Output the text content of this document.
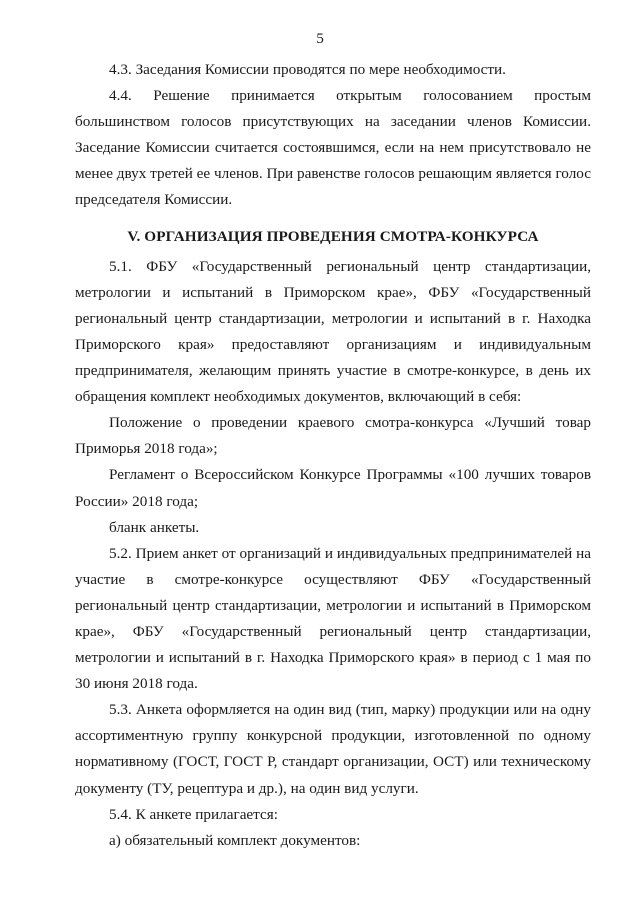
5

4.3. Заседания Комиссии проводятся по мере необходимости.

4.4. Решение принимается открытым голосованием простым большинством голосов присутствующих на заседании членов Комиссии. Заседание Комиссии считается состоявшимся, если на нем присутствовало не менее двух третей ее членов. При равенстве голосов решающим является голос председателя Комиссии.

V. ОРГАНИЗАЦИЯ ПРОВЕДЕНИЯ СМОТРА-КОНКУРСА

5.1. ФБУ «Государственный региональный центр стандартизации, метрологии и испытаний в Приморском крае», ФБУ «Государственный региональный центр стандартизации, метрологии и испытаний в г. Находка Приморского края» предоставляют организациям и индивидуальным предпринимателя, желающим принять участие в смотре-конкурсе, в день их обращения комплект необходимых документов, включающий в себя:

Положение о проведении краевого смотра-конкурса «Лучший товар Приморья 2018 года»;

Регламент о Всероссийском Конкурсе Программы «100 лучших товаров России» 2018 года;

бланк анкеты.

5.2. Прием анкет от организаций и индивидуальных предпринимателей на участие в смотре-конкурсе осуществляют ФБУ «Государственный региональный центр стандартизации, метрологии и испытаний в Приморском крае», ФБУ «Государственный региональный центр стандартизации, метрологии и испытаний в г. Находка Приморского края» в период с 1 мая по 30 июня 2018 года.

5.3. Анкета оформляется на один вид (тип, марку) продукции или на одну ассортиментную группу конкурсной продукции, изготовленной по одному нормативному (ГОСТ, ГОСТ Р, стандарт организации, ОСТ) или техническому документу (ТУ, рецептура и др.), на один вид услуги.

5.4. К анкете прилагается:

а) обязательный комплект документов:
